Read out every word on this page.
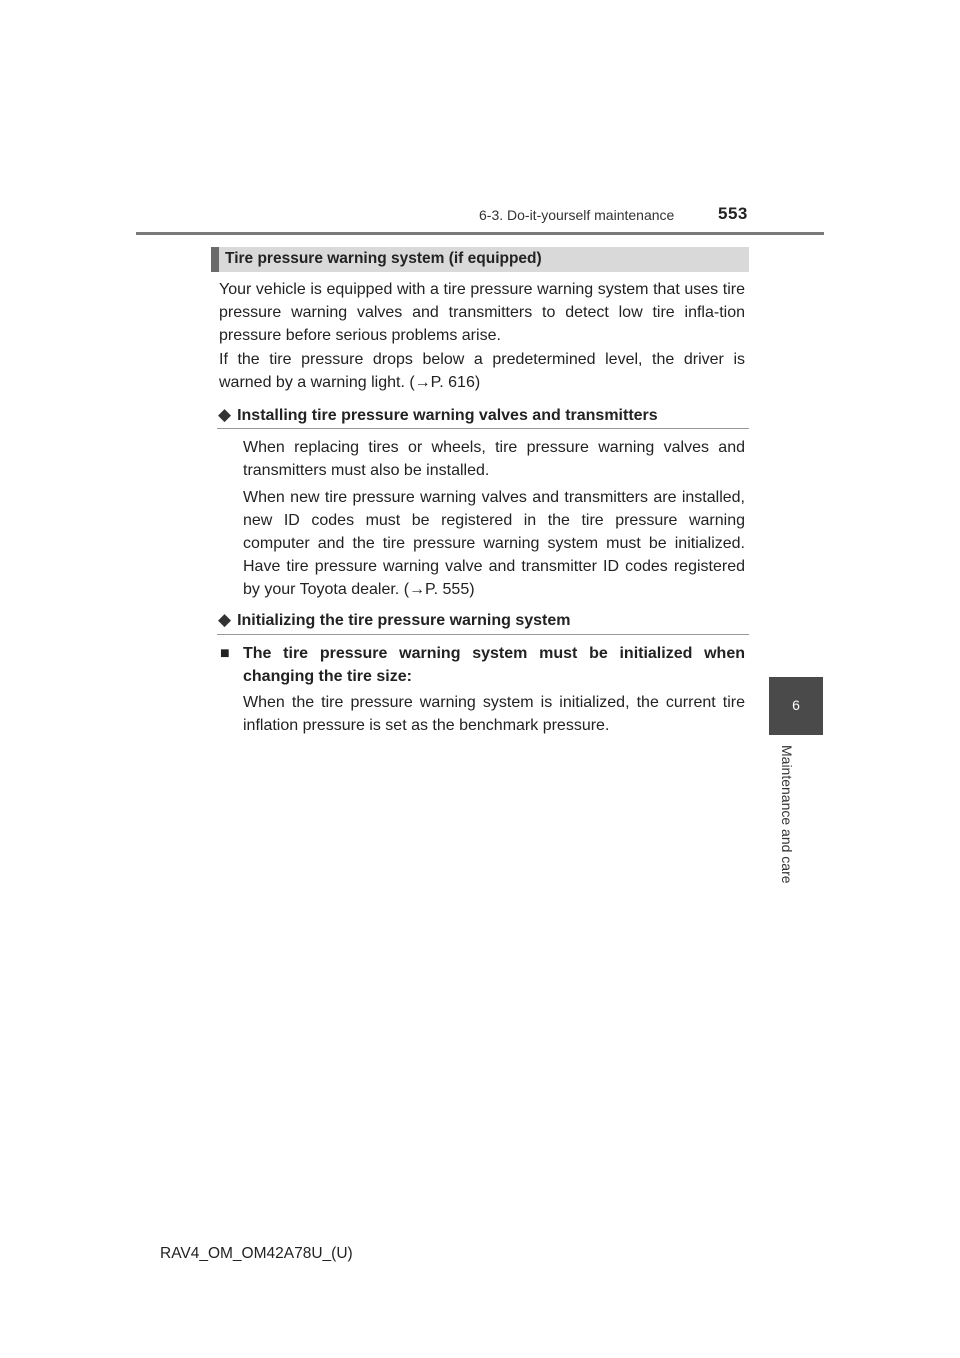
6-3. Do-it-yourself maintenance	553
6
Maintenance and care
Tire pressure warning system (if equipped)

Your vehicle is equipped with a tire pressure warning system that uses tire pressure warning valves and transmitters to detect low tire infla-tion pressure before serious problems arise.

If the tire pressure drops below a predetermined level, the driver is warned by a warning light. (→P. 616)

◆ Installing tire pressure warning valves and transmitters

When replacing tires or wheels, tire pressure warning valves and transmitters must also be installed.

When new tire pressure warning valves and transmitters are installed, new ID codes must be registered in the tire pressure warning computer and the tire pressure warning system must be initialized. Have tire pressure warning valve and transmitter ID codes registered by your Toyota dealer. (→P. 555)

◆ Initializing the tire pressure warning system
■ The tire pressure warning system must be initialized when changing the tire size:

When the tire pressure warning system is initialized, the current tire inflation pressure is set as the benchmark pressure.

RAV4_OM_OM42A78U_(U)
